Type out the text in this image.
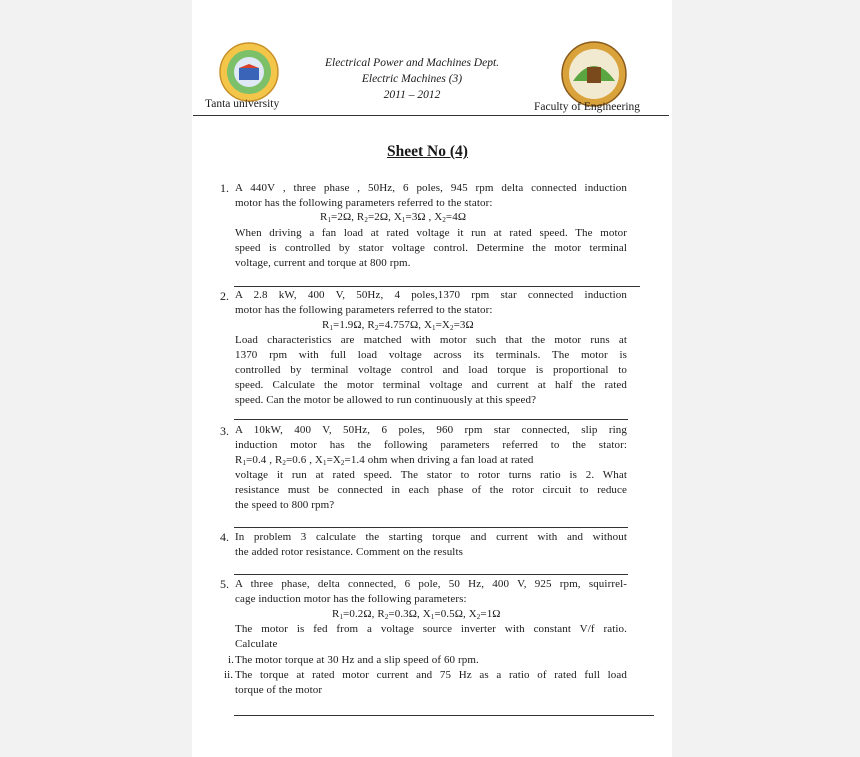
Tanta university
Electrical Power and Machines Dept.
Electric Machines (3)
2011 – 2012
Faculty of Engineering
Sheet No (4)
1. A 440V , three phase , 50Hz, 6 poles, 945 rpm delta connected induction
motor has the following parameters referred to the stator:
$R_1=2\Omega$, $R_2=2\Omega$, $X_1=3\Omega$ , $X_2=4\Omega$
When driving a fan load at rated voltage it run at rated speed. The motor
speed is controlled by stator voltage control. Determine the motor terminal
voltage, current and torque at 800 rpm.
2. A 2.8 kW, 400 V, 50Hz, 4 poles,1370 rpm star connected induction
motor has the following parameters referred to the stator:
$R_1=1.9\Omega$, $R_2=4.757\Omega$, $X_1=X_2=3\Omega$
Load characteristics are matched with motor such that the motor runs at
1370 rpm with full load voltage across its terminals. The motor is
controlled by terminal voltage control and load torque is proportional to
speed. Calculate the motor terminal voltage and current at half the rated
speed. Can the motor be allowed to run continuously at this speed?
3. A 10kW, 400 V, 50Hz, 6 poles, 960 rpm star connected, slip ring
induction motor has the following parameters referred to the stator:
$R_1=0.4$ , $R_2=0.6$ , $X_1=X_2=1.4$ ohm when driving a fan load at rated
voltage it run at rated speed. The stator to rotor turns ratio is 2. What
resistance must be connected in each phase of the rotor circuit to reduce
the speed to 800 rpm?
4. In problem 3 calculate the starting torque and current with and without
the added rotor resistance. Comment on the results
5. A three phase, delta connected, 6 pole, 50 Hz, 400 V, 925 rpm, squirrel-
cage induction motor has the following parameters:
$R_1=0.2\Omega$, $R_2=0.3\Omega$, $X_1=0.5\Omega$, $X_2=1\Omega$
The motor is fed from a voltage source inverter with constant V/f ratio.
Calculate
i. The motor torque at 30 Hz and a slip speed of 60 rpm.
ii. The torque at rated motor current and 75 Hz as a ratio of rated full load
torque of the motor
